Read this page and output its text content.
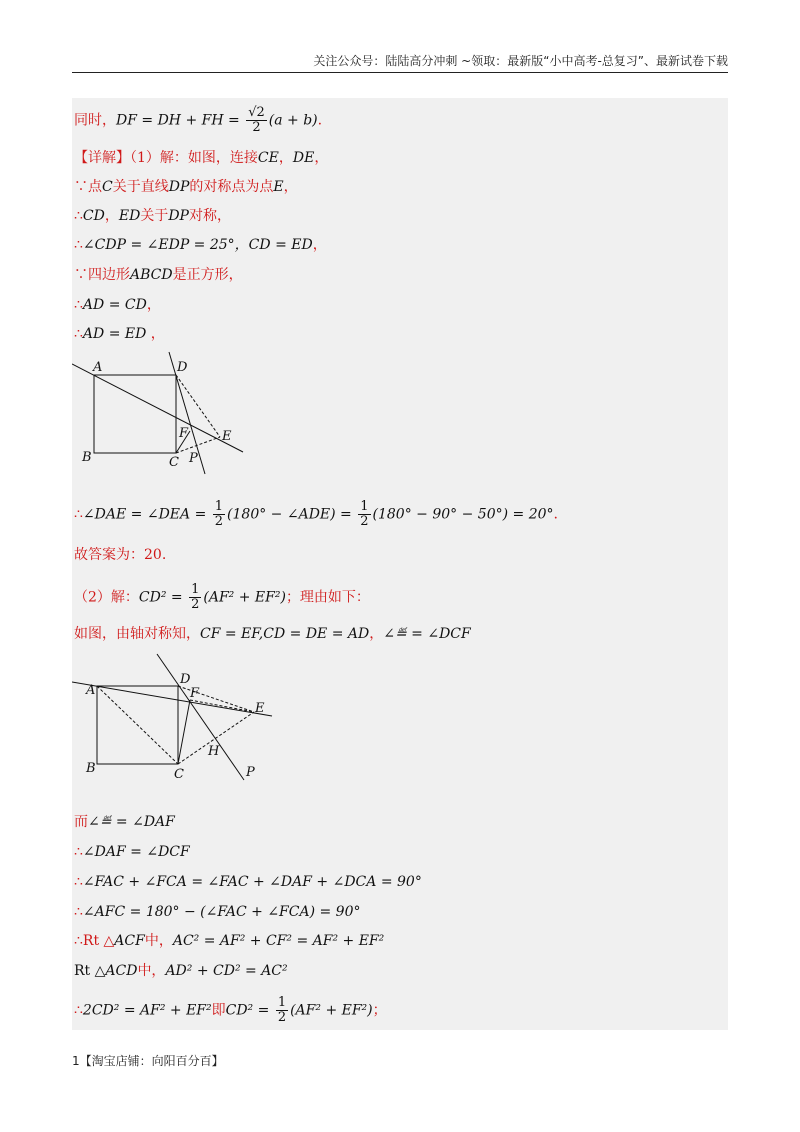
关注公众号：陆陆高分冲刺 ~领取：最新版“小中高考-总复习”、最新试卷下载
同时，DF = DH + FH = $\frac{√2}{2} (a + b)$.
【详解】（1）解：如图，连接CE，DE，
∵点C关于直线DP的对称点为点E，
∴CD，ED关于DP对称，
∴∠CDP = ∠EDP = 25°，CD = ED，
∵四边形ABCD是正方形，
∴AD = CD，
∴AD = ED ，
A
B	C
D
E
F
P
∴∠DAE = ∠DEA = $\frac{1}{2} (180^\circ$ − ∠ADE) = $\frac{1}{2} (180^\circ - 90^\circ - 50^\circ) = 20^\circ$.
故答案为：20.
（2）解：$CD^2 = \frac{1}{2} (AF^2 + EF^2)$；理由如下：
如图，由轴对称知，CF = EF,CD = DE = AD，∠≝ = ∠DCF
A
B	C
D
E
F
H
P
而∠≝ = ∠DAF
∴∠DAF = ∠DCF
∴∠FAC + ∠FCA = ∠FAC + ∠DAF + ∠DCA = 90°
∴∠AFC = 180° − (∠FAC + ∠FCA) = 90°
∴Rt △ACF中，AC² = AF² + CF² = AF² + EF²
Rt △ACD中，AD² + CD² = AC²
∴2CD² = AF² + EF²即$CD^2 = \frac{1}{2} (AF^2 + EF^2)$；
1【淘宝店铺：向阳百分百】
